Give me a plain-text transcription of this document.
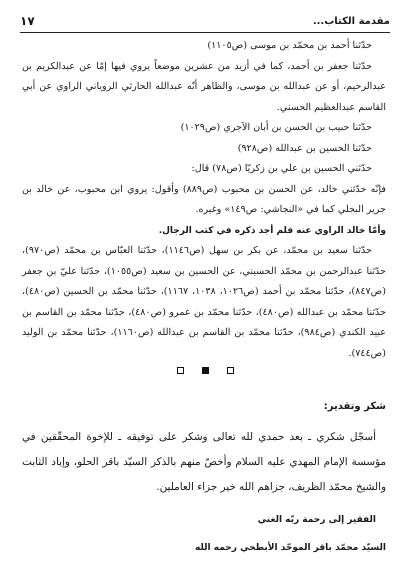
مقدمة الكتاب...
١٧

حدّثنا أحمد بن محمّد بن موسى (ص١١٠٥)

حدّثنا جعفر بن أحمد، كما في أزيد من عشرين موضعاً يروي فيها إمّا عن عبدالكريم بن عبدالرحيم، أو عن عبدالله بن موسى، والظاهر أنّه عبدالله الحارثي الروياني الراوي عن أبي القاسم عبدالعظيم الحسني.

حدّثنا حبيب بن الحسن بن أبان الآجري (ص١٠٢٩)

حدّثنا الحسين بن عبدالله (ص٩٢٨)

حدّثني الحسين بن علي بن زكريّا (ص٧٨) قال:

فإنّه حدّثني خالد، عن الحسن بن محبوب (ص٨٨٩) وأقول: يروي ابن محبوب، عن خالد بن جرير البجلي كما في «النجاشي: ص١٤٩» وغيره.

وأمّا خالد الراوي عنه فلم أجد ذكره في كتب الرجال.

حدّثنا سعيد بن محمّد، عن بكر بن سهل (ص١١٤٦)، حدّثنا العبّاس بن محمّد (ص٩٧٠)، حدّثنا عبدالرحمن بن محمّد الحسيني، عن الحسين بن سعيد (ص١٠٥٥)، حدّثنا عليّ بن جعفر (ص٨٤٧)، حدّثنا محمّد بن أحمد (ص١٠٢٦، ١٠٣٨، ١١٦٧)، حدّثنا محمّد بن الحسين (ص٤٨٠)، حدّثنا محمّد بن عبدالله (ص٤٨٠)، حدّثنا محمّد بن عمرو (ص٤٨٠)، حدّثنا محمّد بن القاسم بن عبيد الكندي (ص٩٨٤)، حدّثنا محمّد بن القاسم بن عبدالله (ص١١٦٠)، حدّثنا محمّد بن الوليد (ص٧٤٤).

شكر وتقدير:

أسجّل شكري ـ بعد حمدي لله تعالى وشكر على توفيقه ـ للإخوة المحقّقين في مؤسسة الإمام المهدي عليه السلام وأخصّ منهم بالذكر السيّد باقر الحلو، وإياد الثابت والشيخ محمّد الظريف، جزاهم الله خير جزاء العاملين.

الفقير إلى رحمة ربّه الغني
السيّد محمّد باقر الموحّد الأبطحي رحمه الله
